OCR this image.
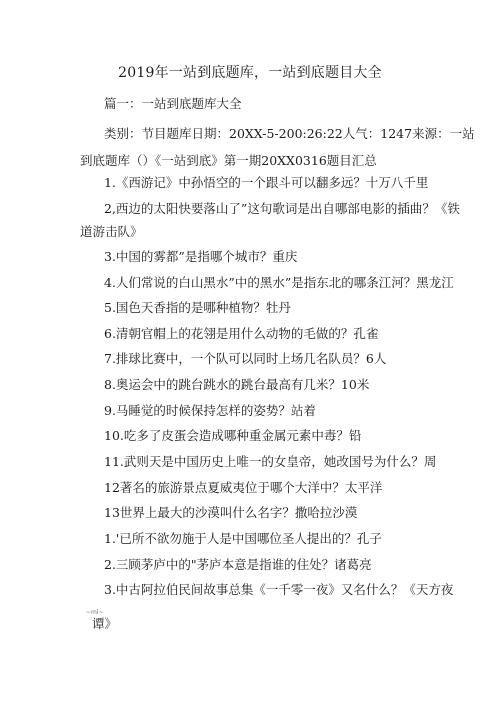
2019年一站到底题库，一站到底题目大全
篇一：一站到底题库大全
类别：节目题库日期：20XX-5-200:26:22人气：1247来源：一站
到底题库（）《一站到底》第一期20XX0316题目汇总
1.《西游记》中孙悟空的一个跟斗可以翻多远？十万八千里
2,西边的太阳快要落山了”这句歌词是出自哪部电影的插曲？《铁
道游击队》
3.中国的雾都”是指哪个城市？重庆
4.人们常说的白山黑水”中的黑水”是指东北的哪条江河？黑龙江
5.国色天香指的是哪种植物？牡丹
6.清朝官帽上的花翎是用什么动物的毛做的？孔雀
7.排球比赛中，一个队可以同时上场几名队员？6人
8.奥运会中的跳台跳水的跳台最高有几米？10米
9.马睡觉的时候保持怎样的姿势？站着
10.吃多了皮蛋会造成哪种重金属元素中毒？铅
11.武则天是中国历史上唯一的女皇帝，她改国号为什么？周
12著名的旅游景点夏威夷位于哪个大洋中？太平洋
13世界上最大的沙漠叫什么名字？撒哈拉沙漠
1.'已所不欲勿施于人是中国哪位圣人提出的？孔子
2.三顾茅庐中的"茅庐本意是指谁的住处？诸葛亮
3.中古阿拉伯民间故事总集《一千零一夜》又名什么？《天方夜
~ml~
谭》
